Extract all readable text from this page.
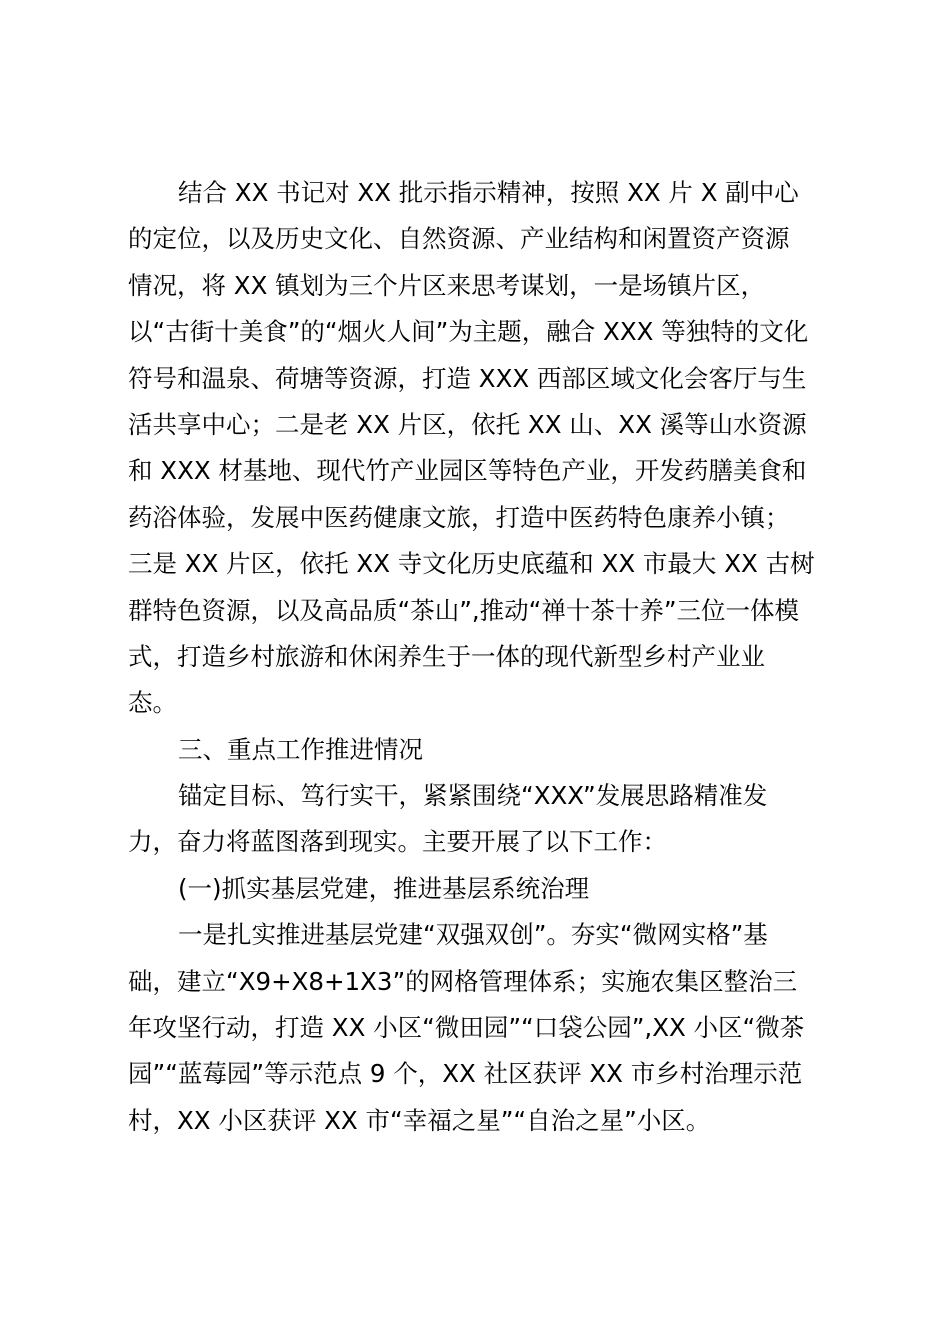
结合 XX 书记对 XX 批示指示精神，按照 XX 片 X 副中心
的定位，以及历史文化、自然资源、产业结构和闲置资产资源
情况，将 XX 镇划为三个片区来思考谋划，一是场镇片区，
以“古街十美食”的“烟火人间”为主题，融合 XXX 等独特的文化
符号和温泉、荷塘等资源，打造 XXX 西部区域文化会客厅与生
活共享中心；二是老 XX 片区，依托 XX 山、XX 溪等山水资源
和 XXX 材基地、现代竹产业园区等特色产业，开发药膳美食和
药浴体验，发展中医药健康文旅，打造中医药特色康养小镇；
三是 XX 片区，依托 XX 寺文化历史底蕴和 XX 市最大 XX 古树
群特色资源，以及高品质“茶山”,推动“禅十茶十养”三位一体模
式，打造乡村旅游和休闲养生于一体的现代新型乡村产业业
态。
三、重点工作推进情况
锚定目标、笃行实干，紧紧围绕“XXX”发展思路精准发
力，奋力将蓝图落到现实。主要开展了以下工作：
(一)抓实基层党建，推进基层系统治理
一是扎实推进基层党建“双强双创”。夯实“微网实格”基
础，建立“X9+X8+1X3”的网格管理体系；实施农集区整治三
年攻坚行动，打造 XX 小区“微田园”“口袋公园”,XX 小区“微茶
园”“蓝莓园”等示范点 9 个，XX 社区获评 XX 市乡村治理示范
村，XX 小区获评 XX 市“幸福之星”“自治之星”小区。
